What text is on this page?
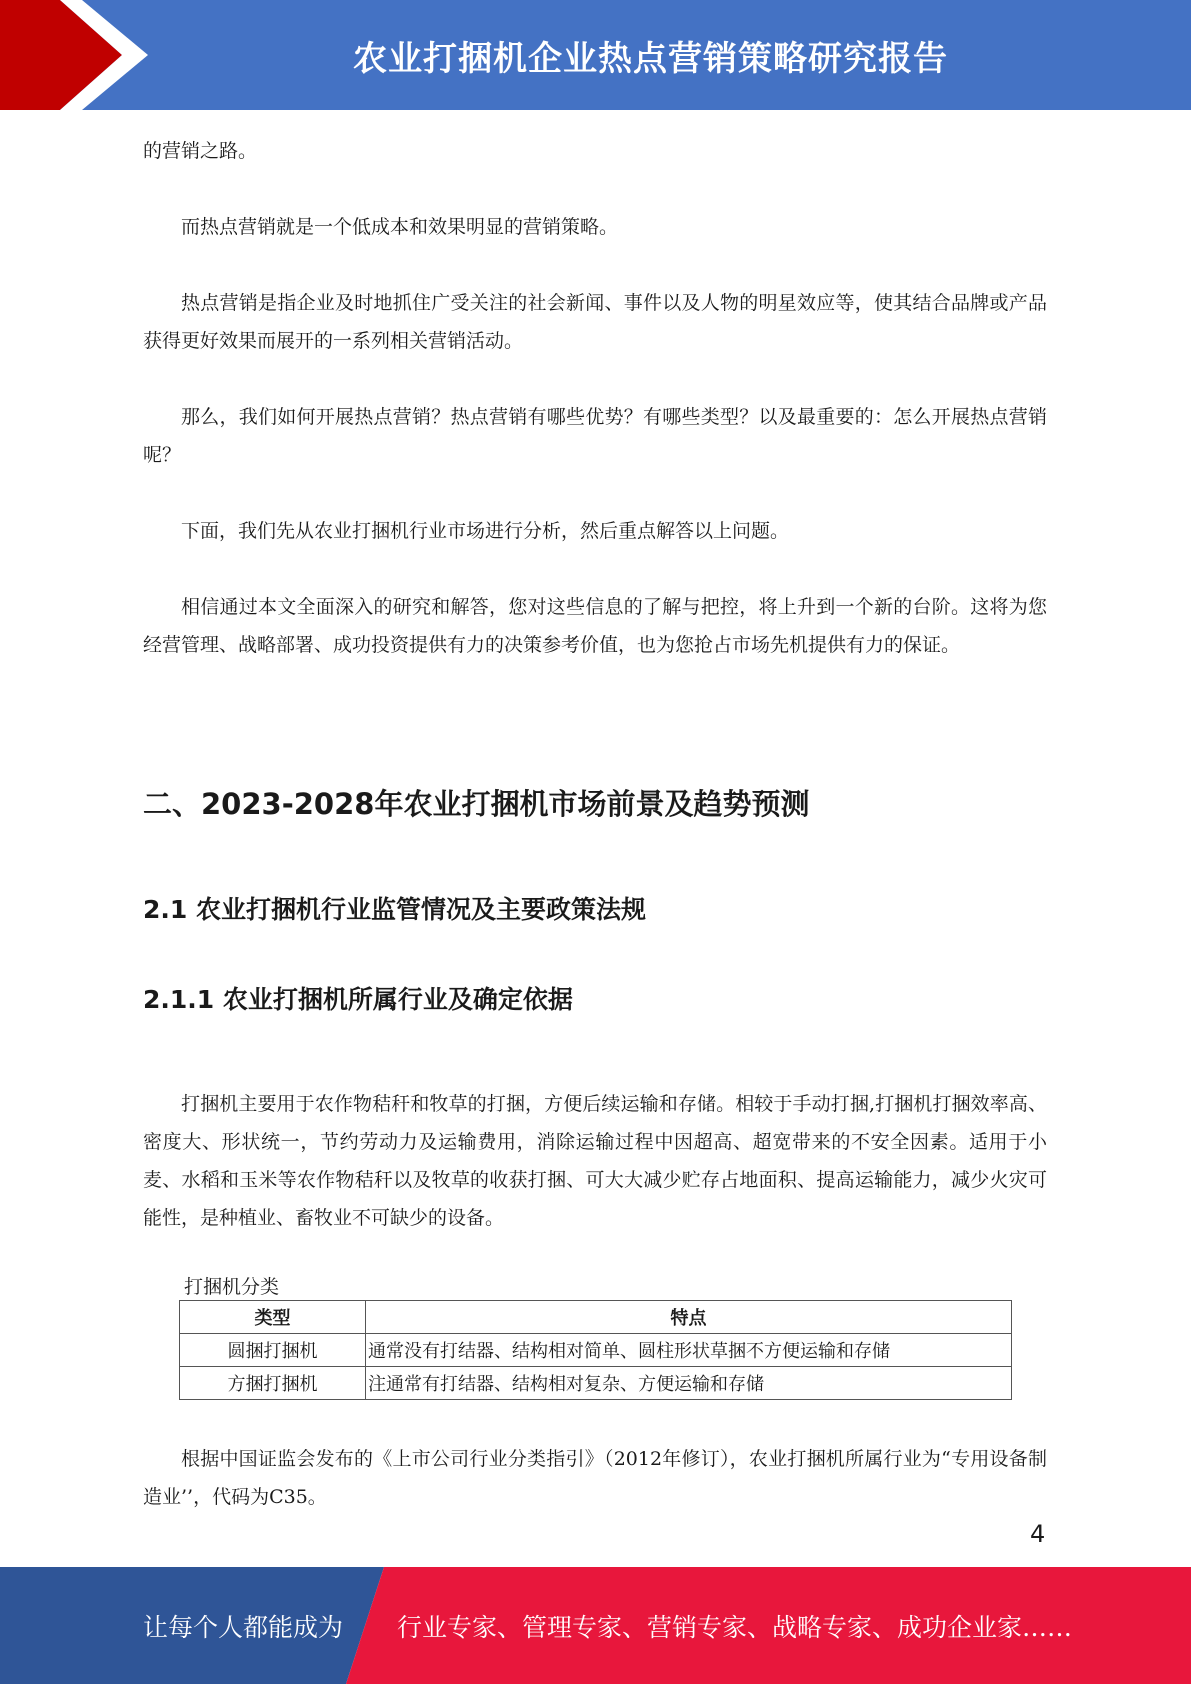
农业打捆机企业热点营销策略研究报告

的营销之路。

而热点营销就是一个低成本和效果明显的营销策略。

热点营销是指企业及时地抓住广受关注的社会新闻、事件以及人物的明星效应等，使其结合品牌或产品获得更好效果而展开的一系列相关营销活动。

那么，我们如何开展热点营销？热点营销有哪些优势？有哪些类型？以及最重要的：怎么开展热点营销呢？

下面，我们先从农业打捆机行业市场进行分析，然后重点解答以上问题。

相信通过本文全面深入的研究和解答，您对这些信息的了解与把控，将上升到一个新的台阶。这将为您经营管理、战略部署、成功投资提供有力的决策参考价值，也为您抢占市场先机提供有力的保证。

二、2023-2028年农业打捆机市场前景及趋势预测
2.1 农业打捆机行业监管情况及主要政策法规
2.1.1 农业打捆机所属行业及确定依据

打捆机主要用于农作物秸秆和牧草的打捆，方便后续运输和存储。相较于手动打捆,打捆机打捆效率高、密度大、形状统一，节约劳动力及运输费用，消除运输过程中因超高、超宽带来的不安全因素。适用于小麦、水稻和玉米等农作物秸秆以及牧草的收获打捆、可大大减少贮存占地面积、提高运输能力，减少火灾可能性，是种植业、畜牧业不可缺少的设备。

打捆机分类
类型	特点
圆捆打捆机	通常没有打结器、结构相对简单、圆柱形状草捆不方便运输和存储
方捆打捆机	注通常有打结器、结构相对复杂、方便运输和存储

根据中国证监会发布的《上市公司行业分类指引》（2012年修订），农业打捆机所属行业为“专用设备制造业’’，代码为C35。

4
让每个人都能成为 行业专家、管理专家、营销专家、战略专家、成功企业家……
